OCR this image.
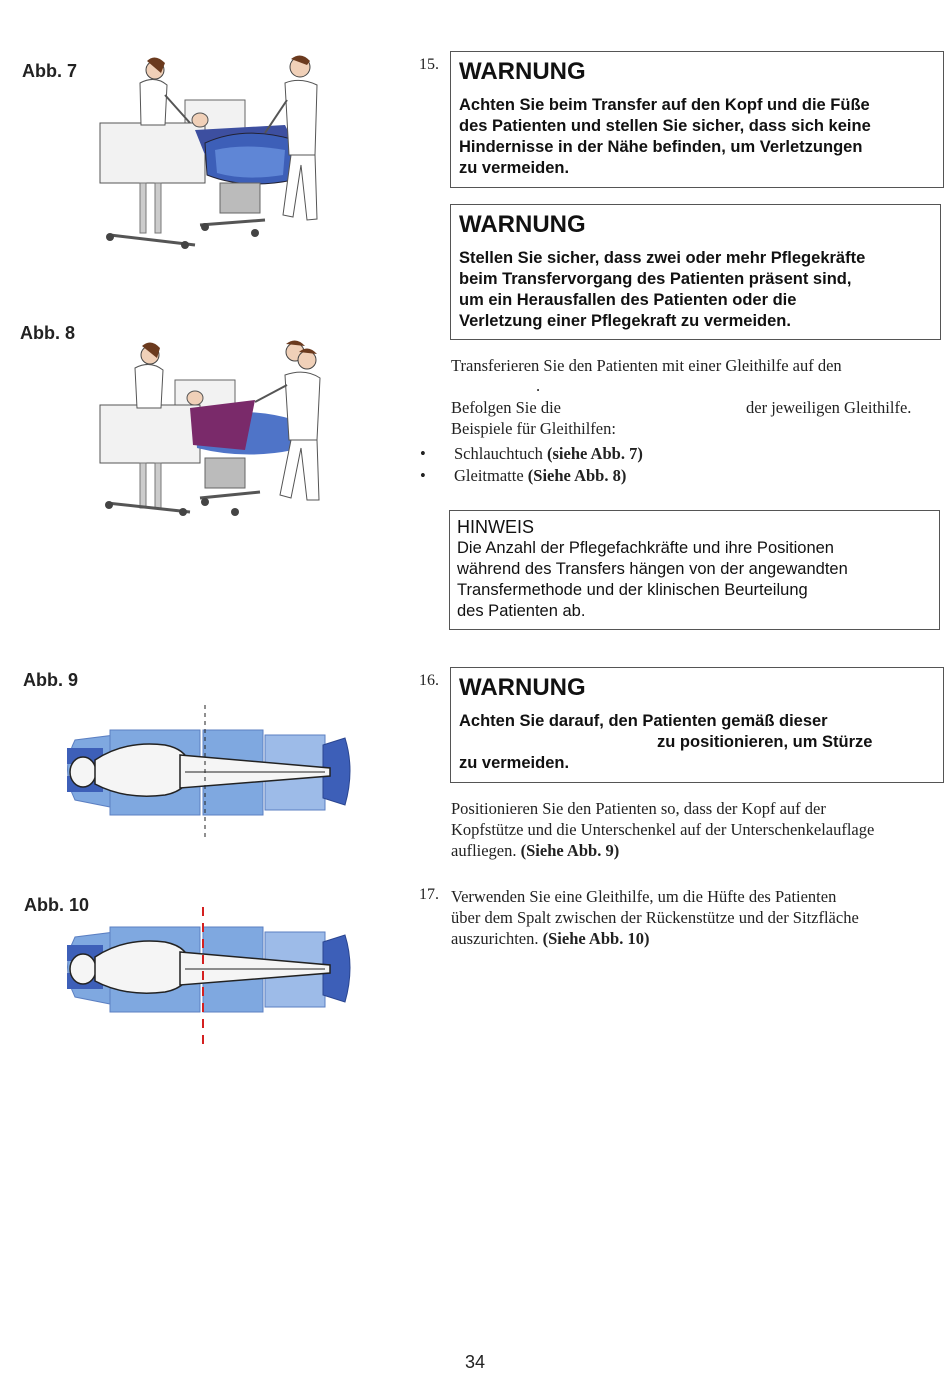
Abb. 7
Abb. 8
Abb. 9
Abb. 10
15. WARNUNG
Achten Sie beim Transfer auf den Kopf und die Füße
des Patienten und stellen Sie sicher, dass sich keine
Hindernisse in der Nähe befinden, um Verletzungen
zu vermeiden.
WARNUNG
Stellen Sie sicher, dass zwei oder mehr Pflegekräfte
beim Transfervorgang des Patienten präsent sind,
um ein Herausfallen des Patienten oder die
Verletzung einer Pflegekraft zu vermeiden.
Transferieren Sie den Patienten mit einer Gleithilfe auf den
.
Befolgen Sie die	der jeweiligen Gleithilfe.
Beispiele für Gleithilfen:
• Schlauchtuch (siehe Abb. 7)
• Gleitmatte (Siehe Abb. 8)
HINWEIS
Die Anzahl der Pflegefachkräfte und ihre Positionen
während des Transfers hängen von der angewandten
Transfermethode und der klinischen Beurteilung
des Patienten ab.
16. WARNUNG
Achten Sie darauf, den Patienten gemäß dieser
zu positionieren, um Stürze
zu vermeiden.
Positionieren Sie den Patienten so, dass der Kopf auf der
Kopfstütze und die Unterschenkel auf der Unterschenkelauflage
aufliegen. (Siehe Abb. 9)
17. Verwenden Sie eine Gleithilfe, um die Hüfte des Patienten
über dem Spalt zwischen der Rückenstütze und der Sitzfläche
auszurichten. (Siehe Abb. 10)
34
